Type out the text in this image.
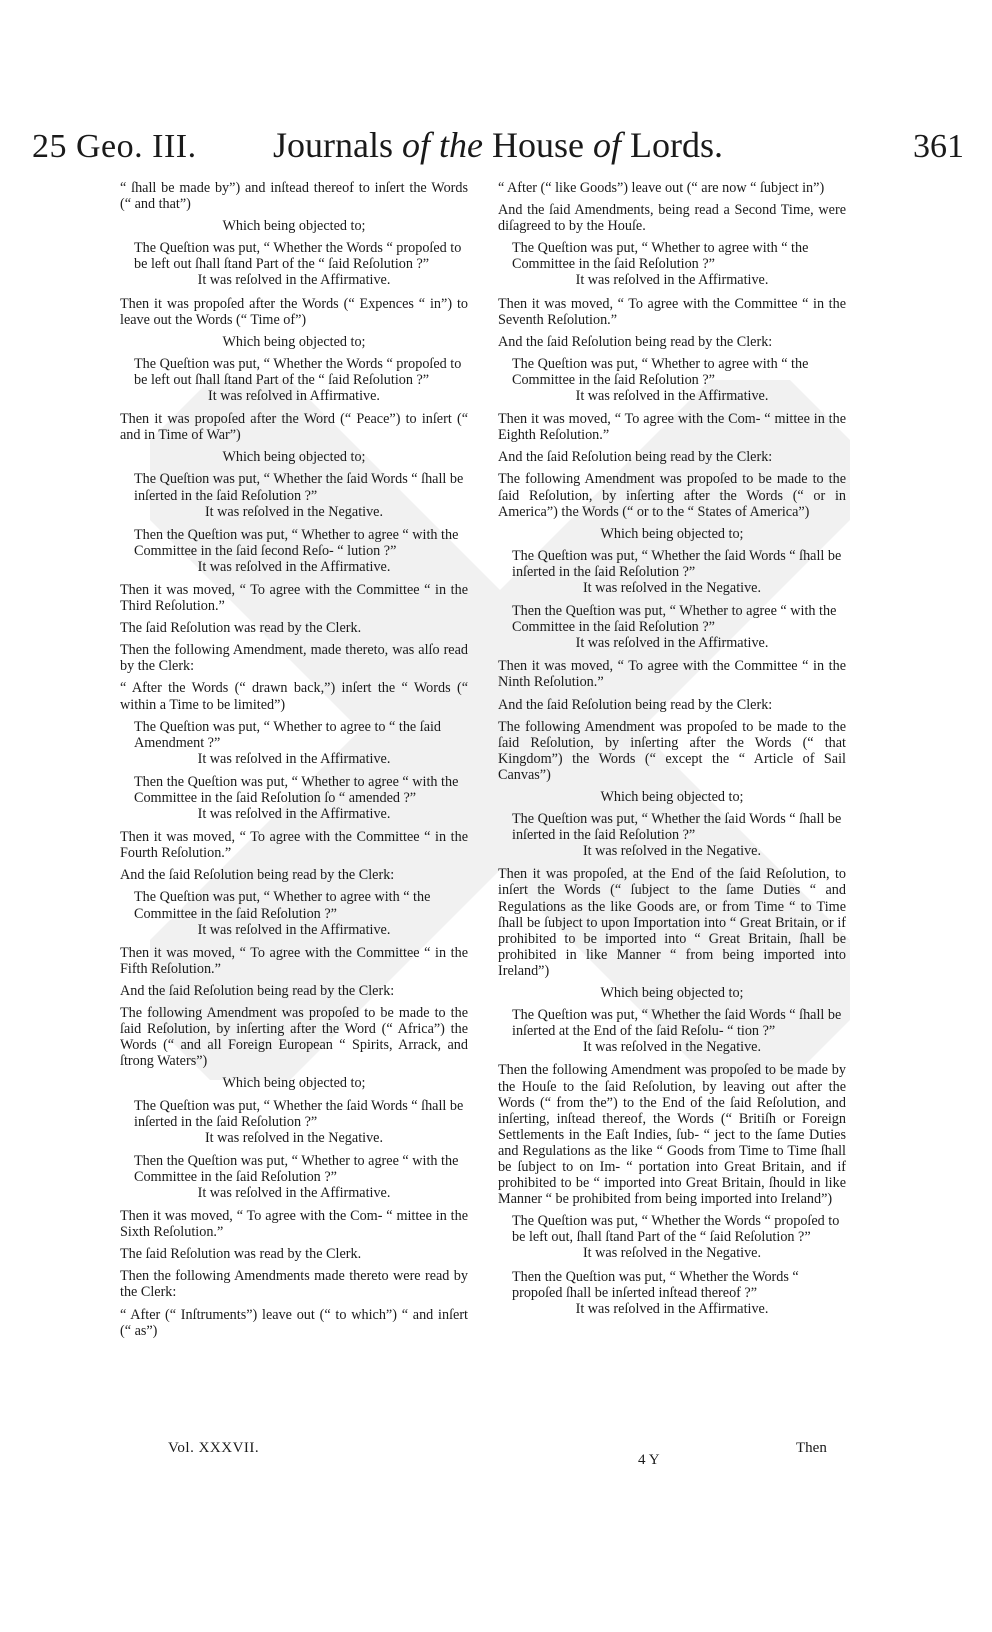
25 Geo. III.	Journals of the House of Lords.	361
“ ſhall be made by”) and inſtead thereof to inſert the Words (“ and that”)
Which being objected to;
The Queſtion was put, “ Whether the Words “ propoſed to be left out ſhall ſtand Part of the “ ſaid Reſolution ?”
It was reſolved in the Affirmative.
Then it was propoſed after the Words (“ Expences “ in”) to leave out the Words (“ Time of”)
Which being objected to;
The Queſtion was put, “ Whether the Words “ propoſed to be left out ſhall ſtand Part of the “ ſaid Reſolution ?”
It was reſolved in Affirmative.
Then it was propoſed after the Word (“ Peace”) to inſert (“ and in Time of War”)
Which being objected to;
The Queſtion was put, “ Whether the ſaid Words “ ſhall be inſerted in the ſaid Reſolution ?”
It was reſolved in the Negative.
Then the Queſtion was put, “ Whether to agree “ with the Committee in the ſaid ſecond Reſo- “ lution ?”
It was reſolved in the Affirmative.
Then it was moved, “ To agree with the Committee “ in the Third Reſolution.”
The ſaid Reſolution was read by the Clerk.
Then the following Amendment, made thereto, was alſo read by the Clerk:
“ After the Words (“ drawn back,”) inſert the “ Words (“ within a Time to be limited”)
The Queſtion was put, “ Whether to agree to “ the ſaid Amendment ?”
It was reſolved in the Affirmative.
Then the Queſtion was put, “ Whether to agree “ with the Committee in the ſaid Reſolution ſo “ amended ?”
It was reſolved in the Affirmative.
Then it was moved, “ To agree with the Committee “ in the Fourth Reſolution.”
And the ſaid Reſolution being read by the Clerk:
The Queſtion was put, “ Whether to agree with “ the Committee in the ſaid Reſolution ?”
It was reſolved in the Affirmative.
Then it was moved, “ To agree with the Committee “ in the Fifth Reſolution.”
And the ſaid Reſolution being read by the Clerk:
The following Amendment was propoſed to be made to the ſaid Reſolution, by inſerting after the Word (“ Africa”) the Words (“ and all Foreign European “ Spirits, Arrack, and ſtrong Waters”)
Which being objected to;
The Queſtion was put, “ Whether the ſaid Words “ ſhall be inſerted in the ſaid Reſolution ?”
It was reſolved in the Negative.
Then the Queſtion was put, “ Whether to agree “ with the Committee in the ſaid Reſolution ?”
It was reſolved in the Affirmative.
Then it was moved, “ To agree with the Com- “ mittee in the Sixth Reſolution.”
The ſaid Reſolution was read by the Clerk.
Then the following Amendments made thereto were read by the Clerk:
“ After (“ Inſtruments”) leave out (“ to which”) “ and inſert (“ as”)
“ After (“ like Goods”) leave out (“ are now “ ſubject in”)
And the ſaid Amendments, being read a Second Time, were diſagreed to by the Houſe.
The Queſtion was put, “ Whether to agree with “ the Committee in the ſaid Reſolution ?”
It was reſolved in the Affirmative.
Then it was moved, “ To agree with the Committee “ in the Seventh Reſolution.”
And the ſaid Reſolution being read by the Clerk:
The Queſtion was put, “ Whether to agree with “ the Committee in the ſaid Reſolution ?”
It was reſolved in the Affirmative.
Then it was moved, “ To agree with the Com- “ mittee in the Eighth Reſolution.”
And the ſaid Reſolution being read by the Clerk:
The following Amendment was propoſed to be made to the ſaid Reſolution, by inſerting after the Words (“ or in America”) the Words (“ or to the “ States of America”)
Which being objected to;
The Queſtion was put, “ Whether the ſaid Words “ ſhall be inſerted in the ſaid Reſolution ?”
It was reſolved in the Negative.
Then the Queſtion was put, “ Whether to agree “ with the Committee in the ſaid Reſolution ?”
It was reſolved in the Affirmative.
Then it was moved, “ To agree with the Committee “ in the Ninth Reſolution.”
And the ſaid Reſolution being read by the Clerk:
The following Amendment was propoſed to be made to the ſaid Reſolution, by inſerting after the Words (“ that Kingdom”) the Words (“ except the “ Article of Sail Canvas”)
Which being objected to;
The Queſtion was put, “ Whether the ſaid Words “ ſhall be inſerted in the ſaid Reſolution ?”
It was reſolved in the Negative.
Then it was propoſed, at the End of the ſaid Reſolution, to inſert the Words (“ ſubject to the ſame Duties “ and Regulations as the like Goods are, or from Time “ to Time ſhall be ſubject to upon Importation into “ Great Britain, or if prohibited to be imported into “ Great Britain, ſhall be prohibited in like Manner “ from being imported into Ireland”)
Which being objected to;
The Queſtion was put, “ Whether the ſaid Words “ ſhall be inſerted at the End of the ſaid Reſolu- “ tion ?”
It was reſolved in the Negative.
Then the following Amendment was propoſed to be made by the Houſe to the ſaid Reſolution, by leaving out after the Words (“ from the”) to the End of the ſaid Reſolution, and inſerting, inſtead thereof, the Words (“ Britiſh or Foreign Settlements in the Eaſt Indies, ſub- “ ject to the ſame Duties and Regulations as the like “ Goods from Time to Time ſhall be ſubject to on Im- “ portation into Great Britain, and if prohibited to be “ imported into Great Britain, ſhould in like Manner “ be prohibited from being imported into Ireland”)
The Queſtion was put, “ Whether the Words “ propoſed to be left out, ſhall ſtand Part of the “ ſaid Reſolution ?”
It was reſolved in the Negative.
Then the Queſtion was put, “ Whether the Words “ propoſed ſhall be inſerted inſtead thereof ?”
It was reſolved in the Affirmative.
Vol. XXXVII.
4 Y
Then
